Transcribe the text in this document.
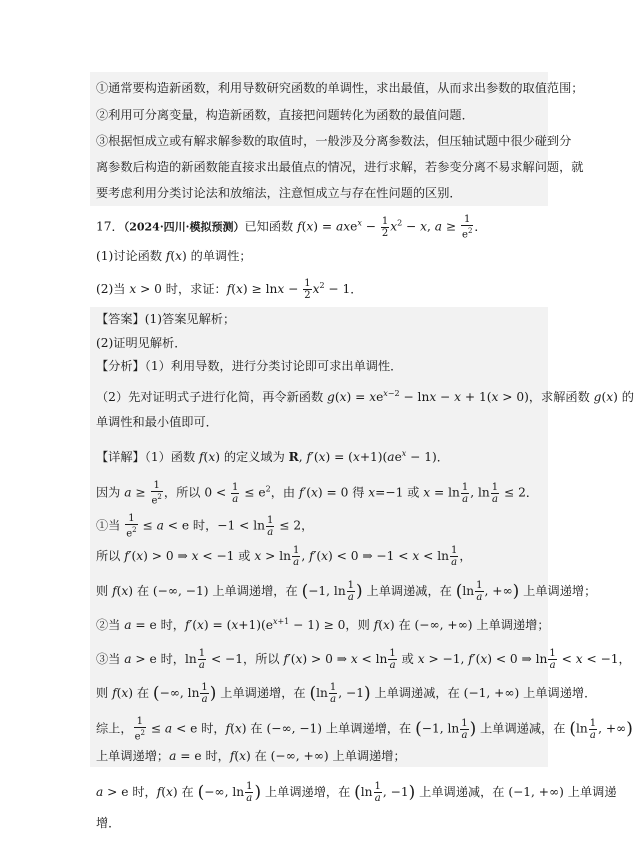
①通常要构造新函数，利用导数研究函数的单调性，求出最值，从而求出参数的取值范围；
②利用可分离变量，构造新函数，直接把问题转化为函数的最值问题．
③根据恒成立或有解求解参数的取值时，一般涉及分离参数法，但压轴试题中很少碰到分
离参数后构造的新函数能直接求出最值点的情况，进行求解，若参变分离不易求解问题，就
要考虑利用分类讨论法和放缩法，注意恒成立与存在性问题的区别．
17．（2024·四川·模拟预测）已知函数 $f(x) = axe^x - \frac{1}{2} x^2 - x$, $a \ge \frac{1}{e^2}$ ．
(1)讨论函数 f(x) 的单调性；
(2)当 x > 0 时，求证：$f(x) \ge \ln x - \frac{1}{2} x^2 - 1$．
【答案】(1)答案见解析；
(2)证明见解析．
【分析】（1）利用导数，进行分类讨论即可求出单调性．
（2）先对证明式子进行化简，再令新函数 $g(x) = xe^{x-2} - \ln x - x + 1(x > 0)$，求解函数 g(x) 的
单调性和最小值即可．
【详解】（1）函数 f(x) 的定义域为 R, $f'(x) = (x+1)(ae^x - 1)$．
因为 $a \ge \frac{1}{e^2}$ ，所以 $0 < \frac{1}{a} \le e^2$，由 f′(x) = 0 得 x=−1 或 $x = \ln \frac{1}{a}$ , $\ln \frac{1}{a} \le 2$．
①当 $\frac{1}{e^2} \le a < e$ 时，$-1 < \ln \frac{1}{a} \le 2$，
所以 f′(x) > 0 ⇒ x < −1 或 $x > \ln \frac{1}{a}$ , f′(x) < 0 ⇒ $-1 < x < \ln \frac{1}{a}$ ，
则 f(x) 在 (−∞, −1) 上单调递增，在 (−1, $\ln \frac{1}{a}$ ) 上单调递减，在 ($\ln \frac{1}{a}$ , +∞) 上单调递增；
②当 a = e 时，$f'(x) = (x+1)(e^{x+1} - 1) \ge 0$，则 f(x) 在 (−∞, +∞) 上单调递增；
③当 a > e 时，$\ln \frac{1}{a} < -1$，所以 f′(x) > 0 ⇒ $x < \ln \frac{1}{a}$ 或 x > −1, f′(x) < 0 ⇒ $\ln \frac{1}{a} < x < -1$，
则 f(x) 在 (−∞, $\ln \frac{1}{a}$ ) 上单调递增，在 ($\ln \frac{1}{a}$ , −1) 上单调递减，在 (−1, +∞) 上单调递增．
综上， $\frac{1}{e^2} \le a < e$ 时，f(x) 在 (−∞, −1) 上单调递增，在 (−1, $\ln \frac{1}{a}$ ) 上单调递减，在 ($\ln \frac{1}{a}$ , +∞)
上单调递增；a = e 时，f(x) 在 (−∞, +∞) 上单调递增；
a > e 时，f(x) 在 (−∞, $\ln \frac{1}{a}$ ) 上单调递增，在 ($\ln \frac{1}{a}$ , −1) 上单调递减，在 (−1, +∞) 上单调递
增．
